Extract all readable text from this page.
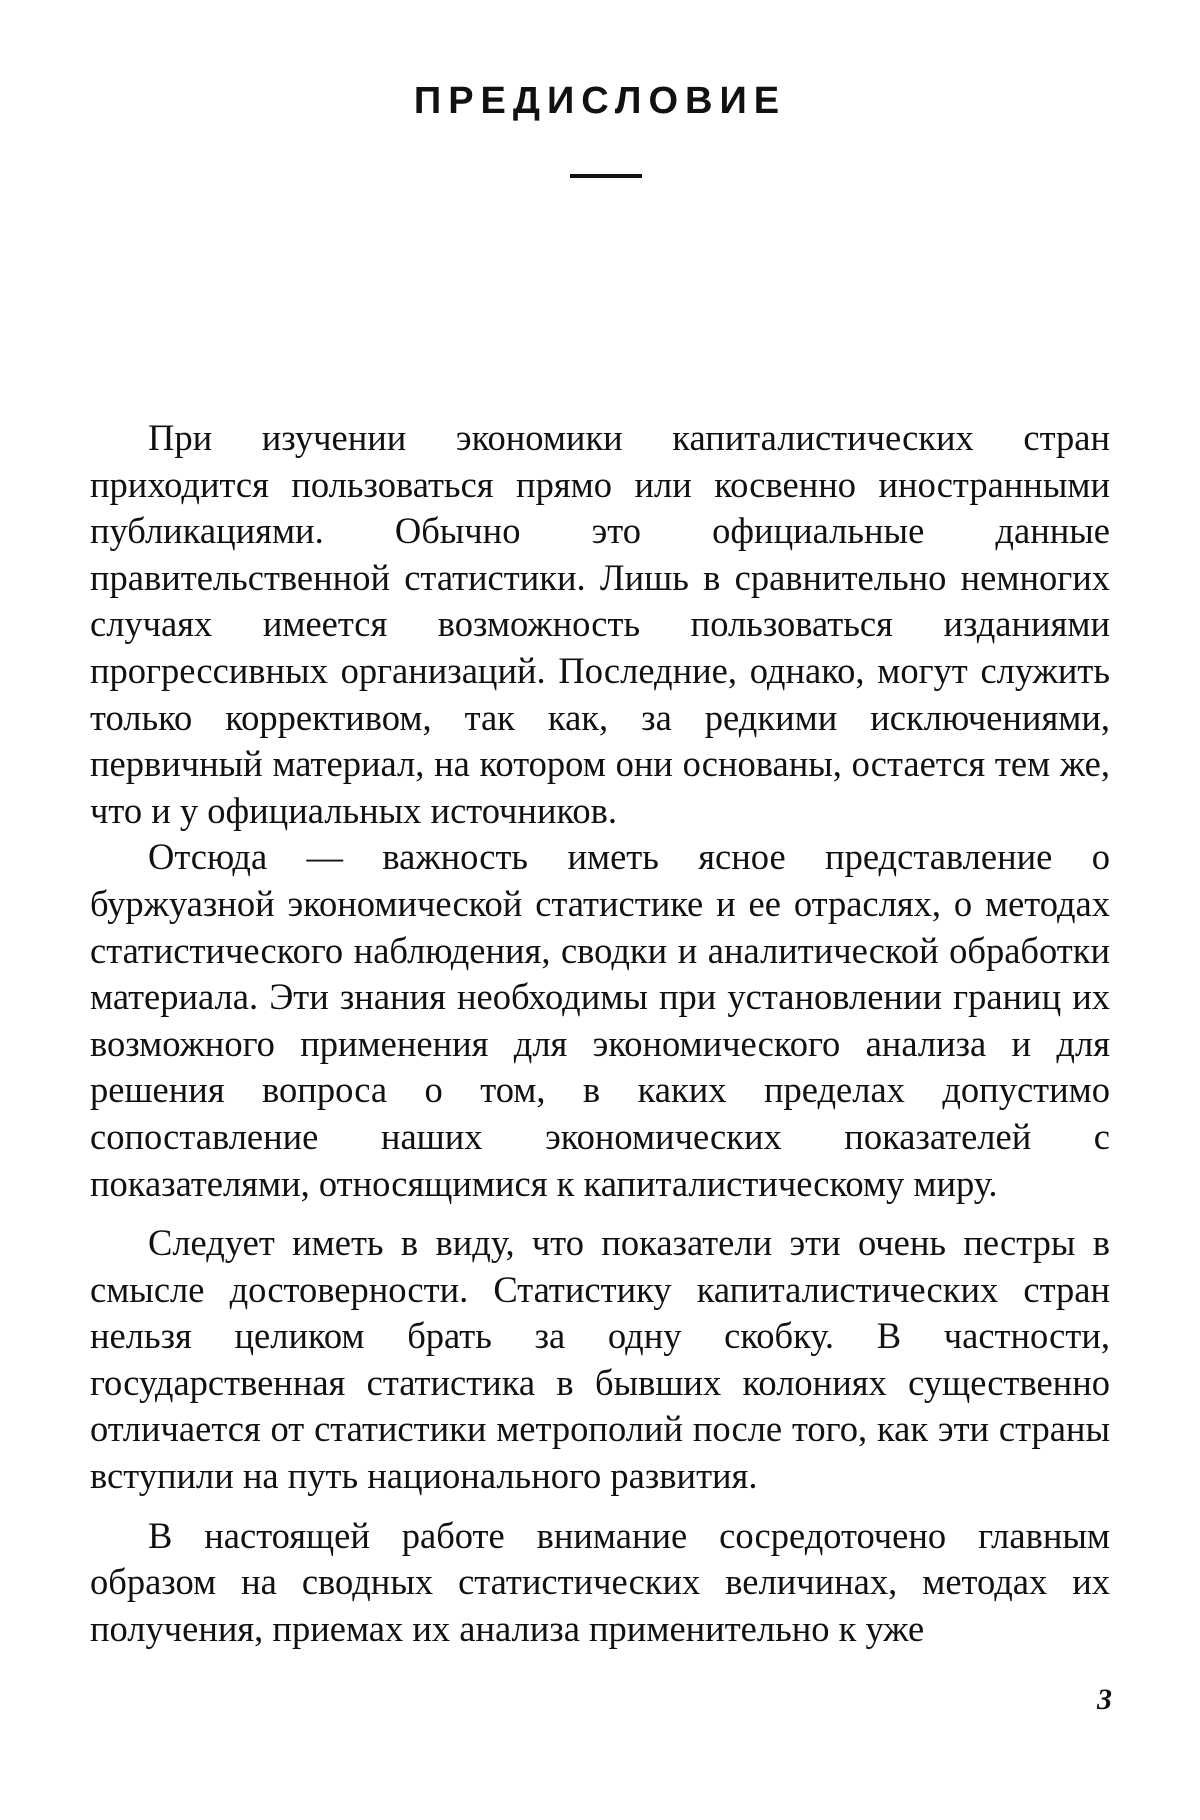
ПРЕДИСЛОВИЕ

При изучении экономики капиталистических стран приходится пользоваться прямо или косвенно иностранными публикациями. Обычно это официальные данные правительственной статистики. Лишь в сравнительно немногих случаях имеется возможность пользоваться изданиями прогрессивных организаций. Последние, однако, могут служить только коррективом, так как, за редкими исключениями, первичный материал, на котором они основаны, остается тем же, что и у официальных источников.

Отсюда — важность иметь ясное представление о буржуазной экономической статистике и ее отраслях, о методах статистического наблюдения, сводки и аналитической обработки материала. Эти знания необходимы при установлении границ их возможного применения для экономического анализа и для решения вопроса о том, в каких пределах допустимо сопоставление наших экономических показателей с показателями, относящимися к капиталистическому миру.

Следует иметь в виду, что показатели эти очень пестры в смысле достоверности. Статистику капиталистических стран нельзя целиком брать за одну скобку. В частности, государственная статистика в бывших колониях существенно отличается от статистики метрополий после того, как эти страны вступили на путь национального развития.

В настоящей работе внимание сосредоточено главным образом на сводных статистических величинах, методах их получения, приемах их анализа применительно к уже

3
